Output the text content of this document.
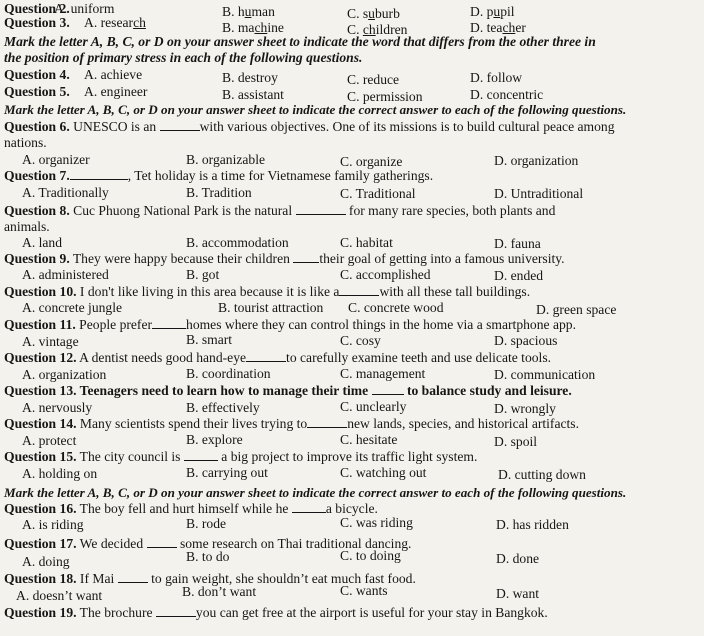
Question 2.
A. uniform	B. human	C. suburb	D. pupil
Question 3. A. research	B. machine	C. children	D. teacher
Mark the letter A, B, C, or D on your answer sheet to indicate the word that differs from the other three in
the position of primary stress in each of the following questions.
Question 4. A. achieve	B. destroy	C. reduce	D. follow
Question 5. A. engineer	B. assistant	C. permission	D. concentric
Mark the letter A, B, C, or D on your answer sheet to indicate the correct answer to each of the following questions.
Question 6. UNESCO is an	with various objectives. One of its missions is to build cultural peace among
nations.
A. organizer	B. organizable	C. organize	D. organization
Question 7.	, Tet holiday is a time for Vietnamese family gatherings.
A. Traditionally	B. Tradition	C. Traditional	D. Untraditional
Question 8. Cuc Phuong National Park is the natural	for many rare species, both plants and
animals.
A. land	B. accommodation	C. habitat	D. fauna
Question 9. They were happy because their children their goal of getting into a famous university.
A. administered	B. got	C. accomplished	D. ended
Question 10. I don't like living in this area because it is like a	with all these tall buildings.
A. concrete jungle	B. tourist attraction C. concrete wood	D. green space
Question 11. People prefer	homes where they can control things in the home via a smartphone app.
A. vintage	B. smart	C. cosy	D. spacious
Question 12. A dentist needs good hand-eye	to carefully examine teeth and use delicate tools.
A. organization	B. coordination	C. management	D. communication
Question 13. Teenagers need to learn how to manage their time	to balance study and leisure.
A. nervously	B. effectively	C. unclearly	D. wrongly
Question 14. Many scientists spend their lives trying to	new lands, species, and historical artifacts.
A. protect	B. explore	C. hesitate	D. spoil
Question 15. The city council is	a big project to improve its traffic light system.
A. holding on	B. carrying out	C. watching out	D. cutting down
Mark the letter A, B, C, or D on your answer sheet to indicate the correct answer to each of the following questions.
Question 16. The boy fell and hurt himself while he	a bicycle.
A. is riding	B. rode	C. was riding	D. has ridden
Question 17. We decided	some research on Thai traditional dancing.
A. doing	B. to do	C. to doing	D. done
Question 18. If Mai	to gain weight, she shouldn’t eat much fast food.
A. doesn’t want	B. don’t want	C. wants	D. want
Question 19. The brochure	you can get free at the airport is useful for your stay in Bangkok.
